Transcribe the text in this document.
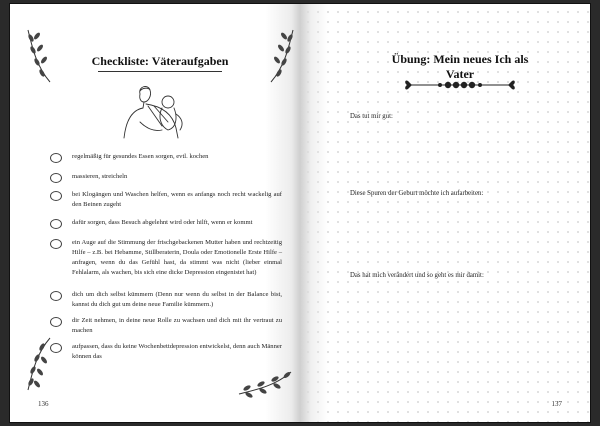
Checkliste: Väteraufgaben
regelmäßig für gesundes Essen sorgen, evtl. kochen
massieren, streicheln
bei Klogängen und Waschen helfen, wenn es anfangs noch recht wackelig auf den Beinen zugeht
dafür sorgen, dass Besuch abgelehnt wird oder hilft, wenn er kommt
ein Auge auf die Stimmung der frischgebackenen Mutter haben und rechtzeitig Hilfe – z.B. bei Hebamme, Stillberaterin, Doula oder Emotionelle Erste Hilfe – anfragen, wenn du das Gefühl hast, da stimmt was nicht (lieber einmal Fehlalarm, als wachen, bis sich eine dicke Depression eingenistet hat)
dich um dich selbst kümmern (Denn nur wenn du selbst in der Balance bist, kannst du dich gut um deine neue Familie kümmern.)
dir Zeit nehmen, in deine neue Rolle zu wachsen und dich mit ihr vertraut zu machen
aufpassen, dass du keine Wochenbettdepression entwickelst, denn auch Männer können das
136
Übung: Mein neues Ich als Vater
Das tut mir gut:
Diese Spuren der Geburt möchte ich aufarbeiten:
Das hat mich verändert und so geht es mir damit:
137
